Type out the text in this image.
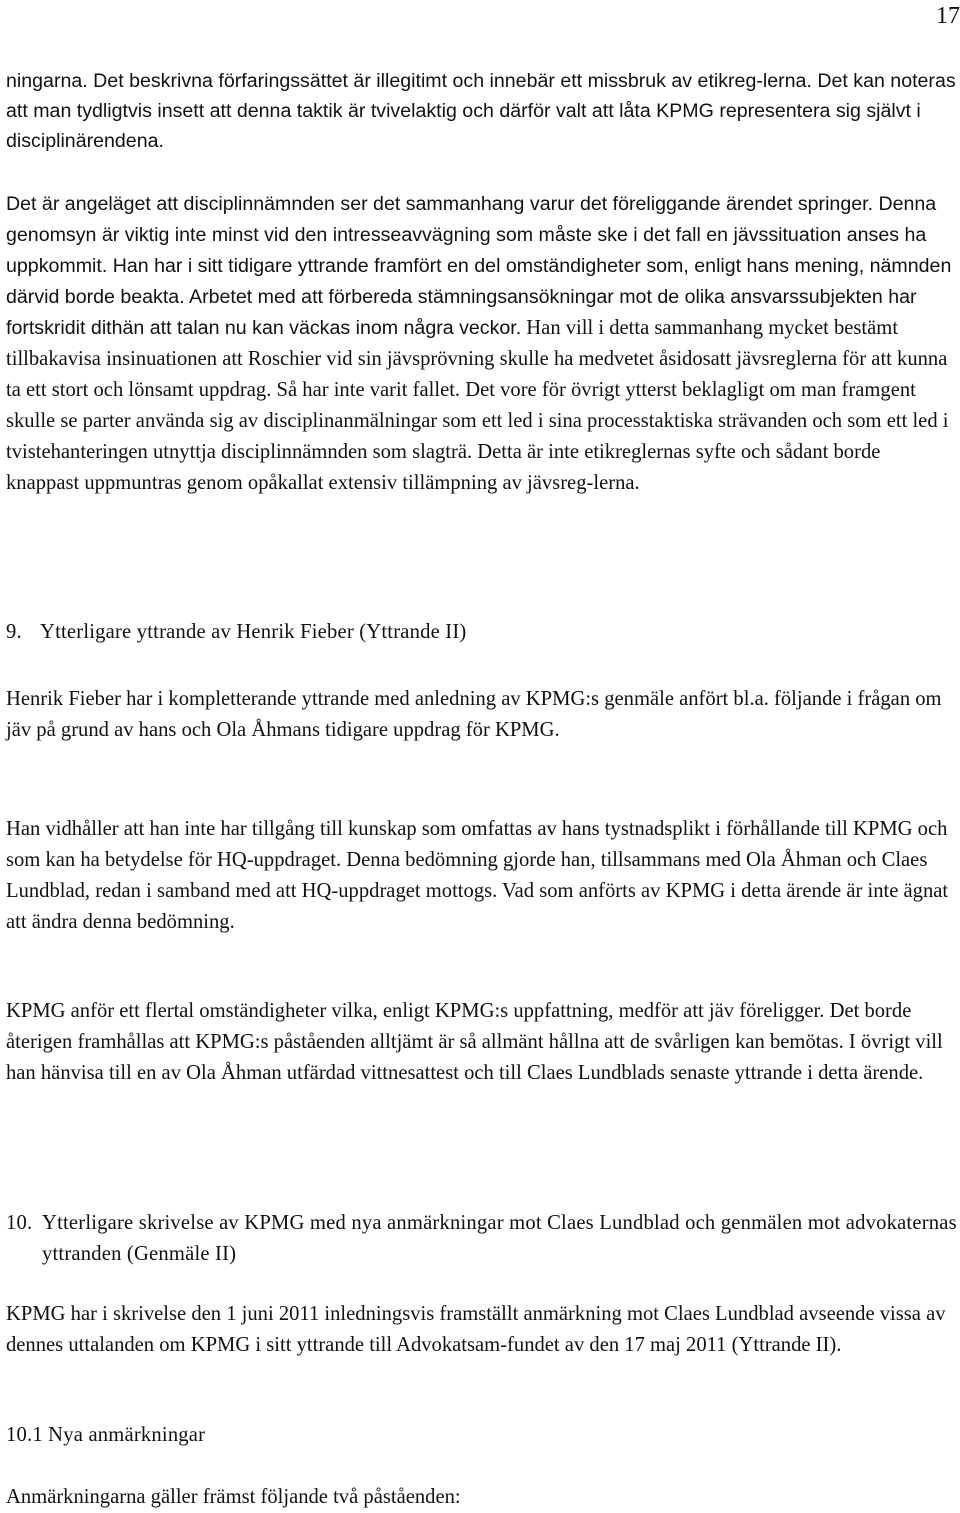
17

ningarna. Det beskrivna förfaringssättet är illegitimt och innebär ett missbruk av etikreg-lerna. Det kan noteras att man tydligtvis insett att denna taktik är tvivelaktig och därför valt att låta KPMG representera sig självt i disciplinärendena.

Det är angeläget att disciplinnämnden ser det sammanhang varur det föreliggande ärendet springer. Denna genomsyn är viktig inte minst vid den intresseavvägning som måste ske i det fall en jävssituation anses ha uppkommit. Han har i sitt tidigare yttrande framfört en del omständigheter som, enligt hans mening, nämnden därvid borde beakta. Arbetet med att förbereda stämningsansökningar mot de olika ansvarssubjekten har fortskridit dithän att talan nu kan väckas inom några veckor. Han vill i detta sammanhang mycket bestämt tillbakavisa insinuationen att Roschier vid sin jävsprövning skulle ha medvetet åsidosatt jävsreglerna för att kunna ta ett stort och lönsamt uppdrag. Så har inte varit fallet. Det vore för övrigt ytterst beklagligt om man framgent skulle se parter använda sig av disciplinanmälningar som ett led i sina processtaktiska strävanden och som ett led i tvistehanteringen utnyttja disciplinnämnden som slagträ. Detta är inte etikreglernas syfte och sådant borde knappast uppmuntras genom opåkallat extensiv tillämpning av jävsreg-lerna.

9. Ytterligare yttrande av Henrik Fieber (Yttrande II)

Henrik Fieber har i kompletterande yttrande med anledning av KPMG:s genmäle anfört bl.a. följande i frågan om jäv på grund av hans och Ola Åhmans tidigare uppdrag för KPMG.

Han vidhåller att han inte har tillgång till kunskap som omfattas av hans tystnadsplikt i förhållande till KPMG och som kan ha betydelse för HQ-uppdraget. Denna bedömning gjorde han, tillsammans med Ola Åhman och Claes Lundblad, redan i samband med att HQ-uppdraget mottogs. Vad som anförts av KPMG i detta ärende är inte ägnat att ändra denna bedömning.

KPMG anför ett flertal omständigheter vilka, enligt KPMG:s uppfattning, medför att jäv föreligger. Det borde återigen framhållas att KPMG:s påståenden alltjämt är så allmänt hållna att de svårligen kan bemötas. I övrigt vill han hänvisa till en av Ola Åhman utfärdad vittnesattest och till Claes Lundblads senaste yttrande i detta ärende.

10. Ytterligare skrivelse av KPMG med nya anmärkningar mot Claes Lundblad och genmälen mot advokaternas yttranden (Genmäle II)

KPMG har i skrivelse den 1 juni 2011 inledningsvis framställt anmärkning mot Claes Lundblad avseende vissa av dennes uttalanden om KPMG i sitt yttrande till Advokatsam-fundet av den 17 maj 2011 (Yttrande II).

10.1 Nya anmärkningar

Anmärkningarna gäller främst följande två påståenden:
